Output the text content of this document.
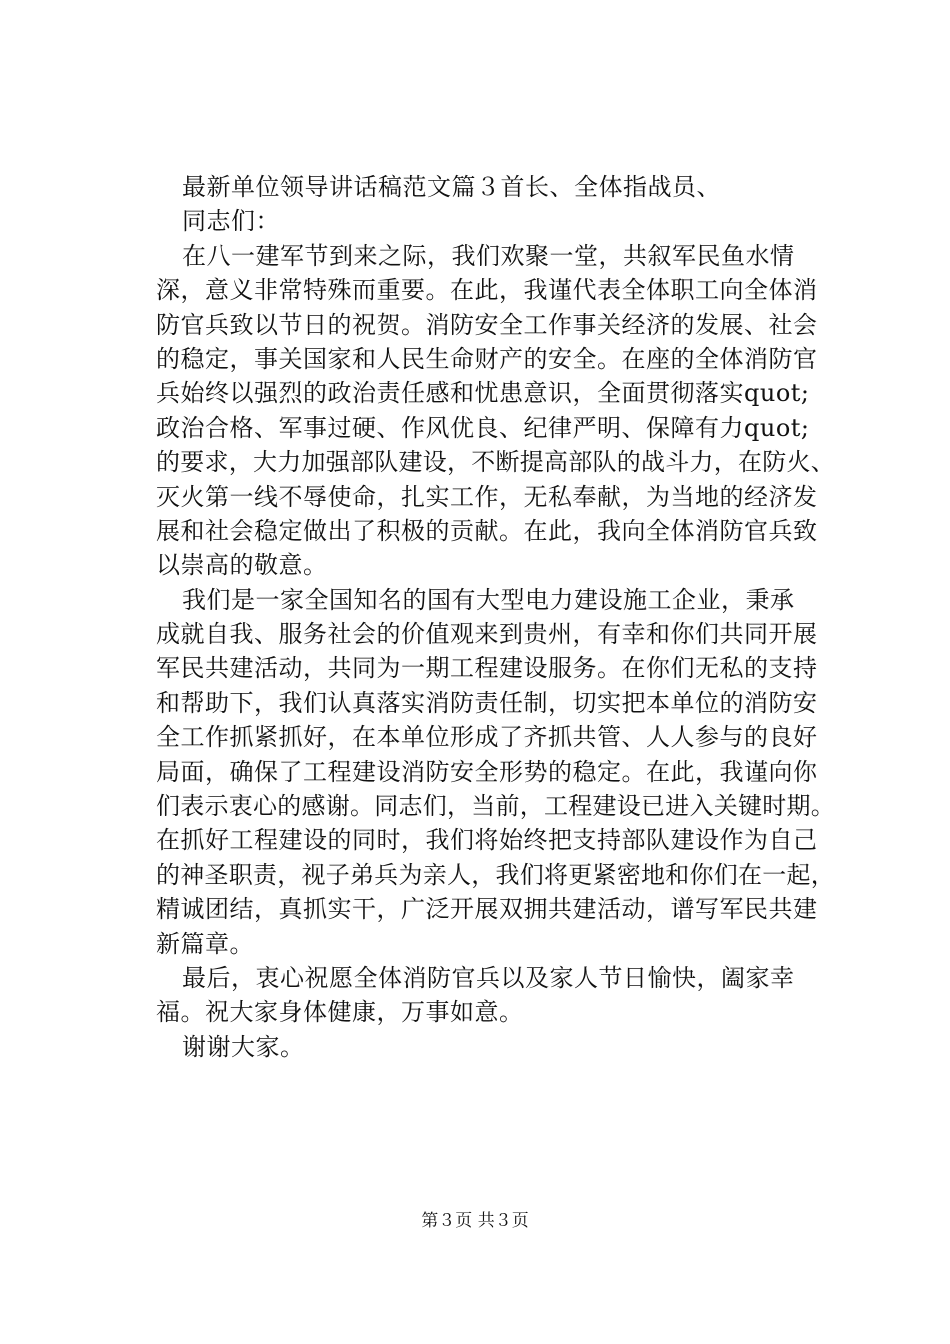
最新单位领导讲话稿范文篇３首长、全体指战员、
同志们：
在八一建军节到来之际，我们欢聚一堂，共叙军民鱼水情
深，意义非常特殊而重要。在此，我谨代表全体职工向全体消
防官兵致以节日的祝贺。消防安全工作事关经济的发展、社会
的稳定，事关国家和人民生命财产的安全。在座的全体消防官
兵始终以强烈的政治责任感和忧患意识，全面贯彻落实quot;
政治合格、军事过硬、作风优良、纪律严明、保障有力quot;
的要求，大力加强部队建设，不断提高部队的战斗力，在防火、
灭火第一线不辱使命，扎实工作，无私奉献，为当地的经济发
展和社会稳定做出了积极的贡献。在此，我向全体消防官兵致
以崇高的敬意。
我们是一家全国知名的国有大型电力建设施工企业，秉承
成就自我、服务社会的价值观来到贵州，有幸和你们共同开展
军民共建活动，共同为一期工程建设服务。在你们无私的支持
和帮助下，我们认真落实消防责任制，切实把本单位的消防安
全工作抓紧抓好，在本单位形成了齐抓共管、人人参与的良好
局面，确保了工程建设消防安全形势的稳定。在此，我谨向你
们表示衷心的感谢。同志们，当前，工程建设已进入关键时期。
在抓好工程建设的同时，我们将始终把支持部队建设作为自己
的神圣职责，视子弟兵为亲人，我们将更紧密地和你们在一起，
精诚团结，真抓实干，广泛开展双拥共建活动，谱写军民共建
新篇章。
最后，衷心祝愿全体消防官兵以及家人节日愉快，阖家幸
福。祝大家身体健康，万事如意。
谢谢大家。
第３页 共３页
